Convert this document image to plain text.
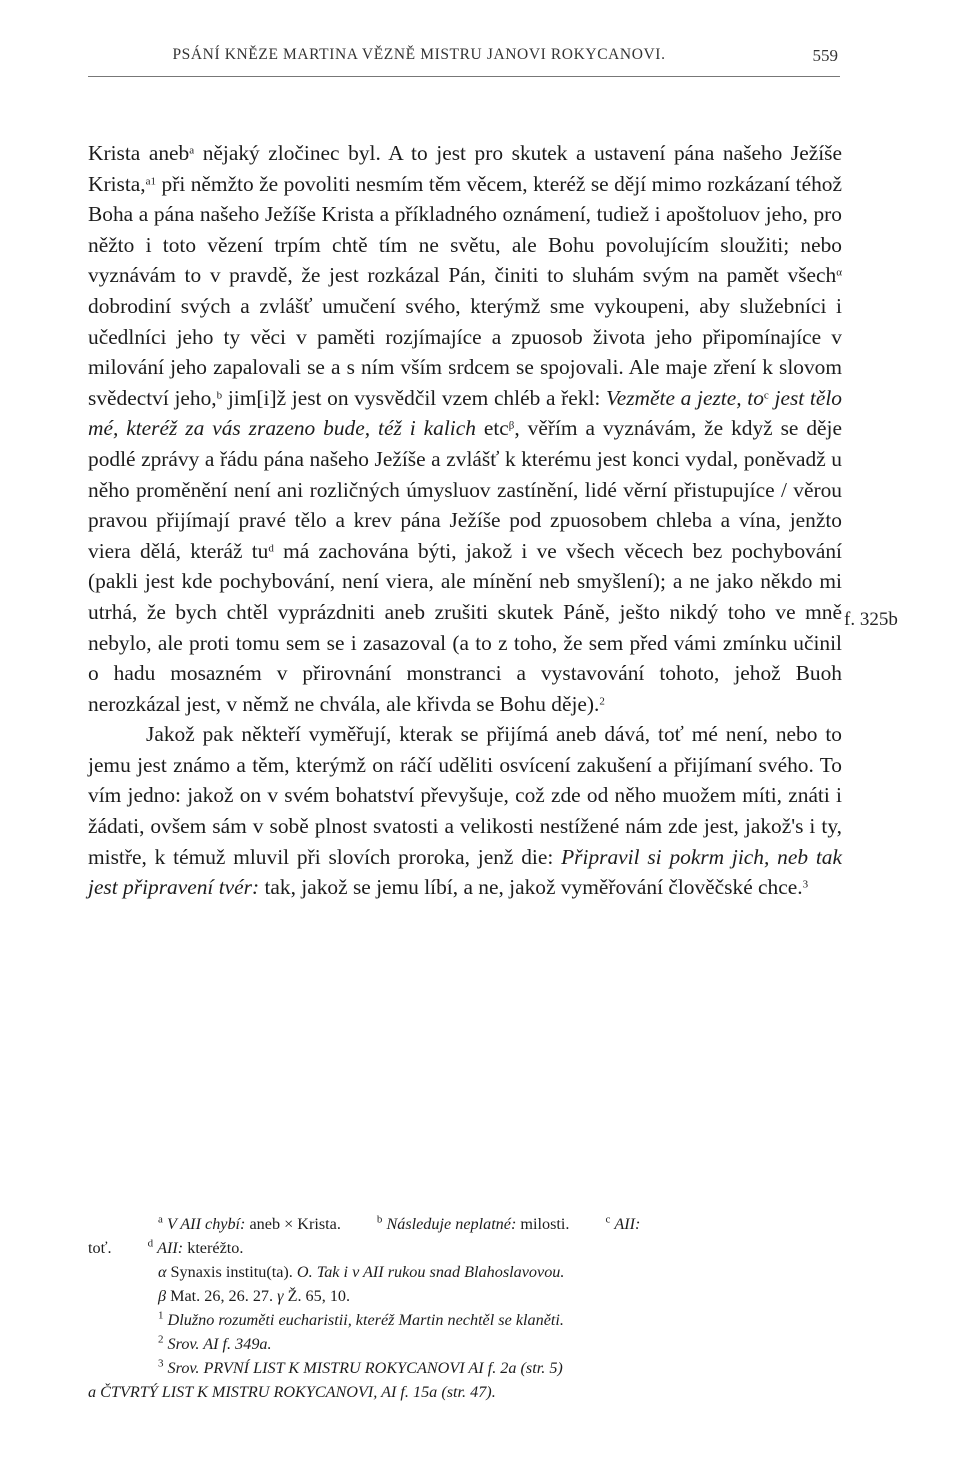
PSÁNÍ KNĚZE MARTINA VĚZNĚ MISTRU JANOVI ROKYCANOVI.	559

Krista aneb$^a$ nějaký zločinec byl. A to jest pro skutek a ustavení pána našeho Ježíše Krista,$^{a1}$ při němžto že povoliti nesmím těm věcem, kteréž se dějí mimo rozkázaní téhož Boha a pána našeho Ježíše Krista a příkladného oznámení, tudiež i apoštoluov jeho, pro něžto i toto vězení trpím chtě tím ne světu, ale Bohu povolujícím sloužiti; nebo vyznávám to v pravdě, že jest rozkázal Pán, činiti to sluhám svým na pamět všech$^\alpha$ dobrodiní svých a zvlášť umučení svého, kterýmž sme vykoupeni, aby služebníci i učedlníci jeho ty věci v paměti rozjímajíce a zpuosob života jeho připomínajíce v milování jeho zapalovali se a s ním vším srdcem se spojovali. Ale maje zření k slovom svědectví jeho,$^b$ jim[i]ž jest on vysvědčil vzem chléb a řekl: Vezměte a jezte, $to^c$ jest tělo mé, kteréž za vás zrazeno bude, též i kalich etc$^\beta$, věřím a vyznávám, že když se děje podlé zprávy a řádu pána našeho Ježíše a zvlášť k kterému jest konci vydal, poněvadž u něho proměnění není ani rozličných úmysluov zastínění, lidé věrní přistupujíce / věrou pravou přijímají pravé tělo a krev pána Ježíše pod zpuosobem chleba a vína, jenžto viera dělá, kteráž $tu^d$ má zachována býti, jakož i ve všech věcech bez pochybování (pakli jest kde pochybování, není viera, ale mínění neb smyšlení); a ne jako někdo mi utrhá, že bych chtěl vyprázdniti aneb zrušiti skutek Páně, ješto nikdý toho ve mně nebylo, ale proti tomu sem se i zasazoval (a to z toho, že sem před vámi zmínku učinil o hadu mosazném v přirovnání monstranci a vystavování tohoto, jehož Buoh nerozkázal jest, v němž ne chvála, ale křivda se Bohu děje).$^2$

Jakož pak někteří vyměřují, kterak se přijímá aneb dává, toť mé není, nebo to jemu jest známo a těm, kterýmž on ráčí uděliti osvícení zakušení a přijímaní svého. To vím jedno: jakož on v svém bohatství převyšuje, což zde od něho muožem míti, znáti i žádati, ovšem sám v sobě plnost svatosti a velikosti nestížené nám zde jest, jakož's i ty, mistře, k témuž mluvil při slovích proroka, jenž die: Připravil si pokrm jich, neb tak jest připravení tvér: tak, jakož se jemu líbí, a ne, jakož vyměřování člověčské chce.$^3$

f. 325b

$^a$ V AII chybí: aneb × Krista.	$^b$ Následuje neplatné: milosti.	$^c$ AII:

toť.	$^d$ AII: kteréžto.

α Synaxis institu(ta). O. Tak i v AII rukou snad Blahoslavovou.

β Mat. 26, 26. 27. γ Ž. 65, 10.

$^1$ Dlužno rozuměti eucharistii, kteréž Martin nechtěl se klaněti.

$^2$ Srov. AI f. 349a.

$^3$ Srov. PRVNÍ LIST K MISTRU ROKYCANOVI AI f. 2a (str. 5)

a ČTVRTÝ LIST K MISTRU ROKYCANOVI, AI f. 15a (str. 47).
